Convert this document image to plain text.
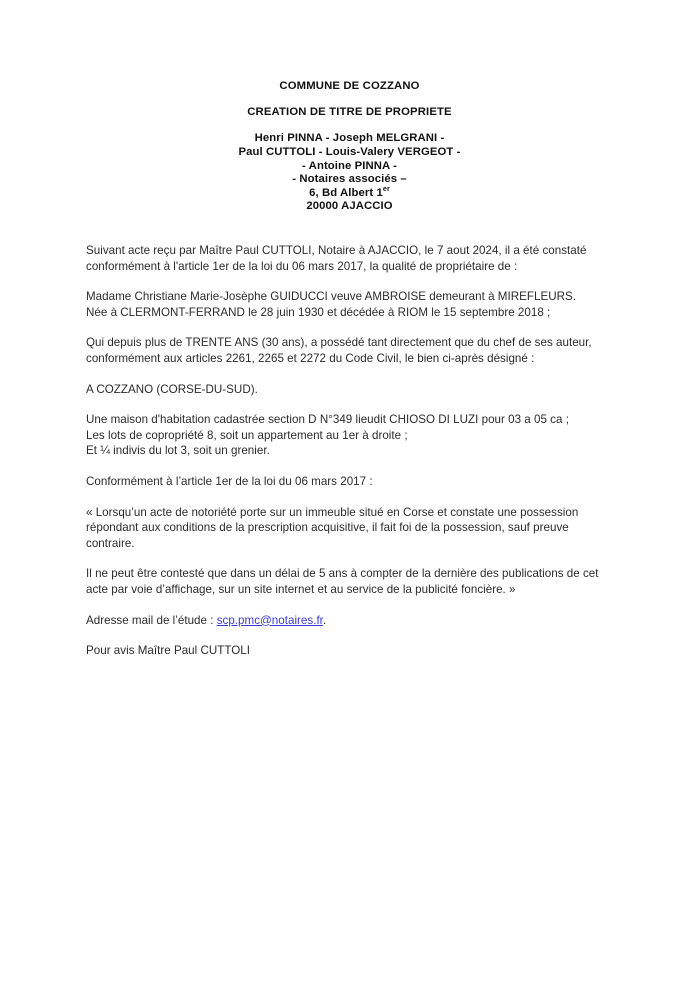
COMMUNE DE COZZANO
CREATION DE TITRE DE PROPRIETE
Henri PINNA - Joseph MELGRANI -
Paul CUTTOLI - Louis-Valery VERGEOT -
- Antoine PINNA -
- Notaires associés –
6, Bd Albert 1er
20000 AJACCIO

Suivant acte reçu par Maître Paul CUTTOLI, Notaire à AJACCIO, le 7 aout 2024, il a été constaté
conformément à l'article 1er de la loi du 06 mars 2017, la qualité de propriétaire de :

Madame Christiane Marie-Josèphe GUIDUCCI veuve AMBROISE demeurant à MIREFLEURS.
Née à CLERMONT-FERRAND le 28 juin 1930 et décédée à RIOM le 15 septembre 2018 ;

Qui depuis plus de TRENTE ANS (30 ans), a possédé tant directement que du chef de ses auteur,
conformément aux articles 2261, 2265 et 2272 du Code Civil, le bien ci-après désigné :

A COZZANO (CORSE-DU-SUD).

Une maison d'habitation cadastrée section D N°349 lieudit CHIOSO DI LUZI pour 03 a 05 ca ;
Les lots de copropriété 8, soit un appartement au 1er à droite ;
Et ¼ indivis du lot 3, soit un grenier.

Conformément à l’article 1er de la loi du 06 mars 2017 :

« Lorsqu’un acte de notoriété porte sur un immeuble situé en Corse et constate une possession
répondant aux conditions de la prescription acquisitive, il fait foi de la possession, sauf preuve
contraire.

Il ne peut être contesté que dans un délai de 5 ans à compter de la dernière des publications de cet
acte par voie d’affichage, sur un site internet et au service de la publicité foncière. »

Adresse mail de l’étude : scp.pmc@notaires.fr.

Pour avis Maître Paul CUTTOLI
